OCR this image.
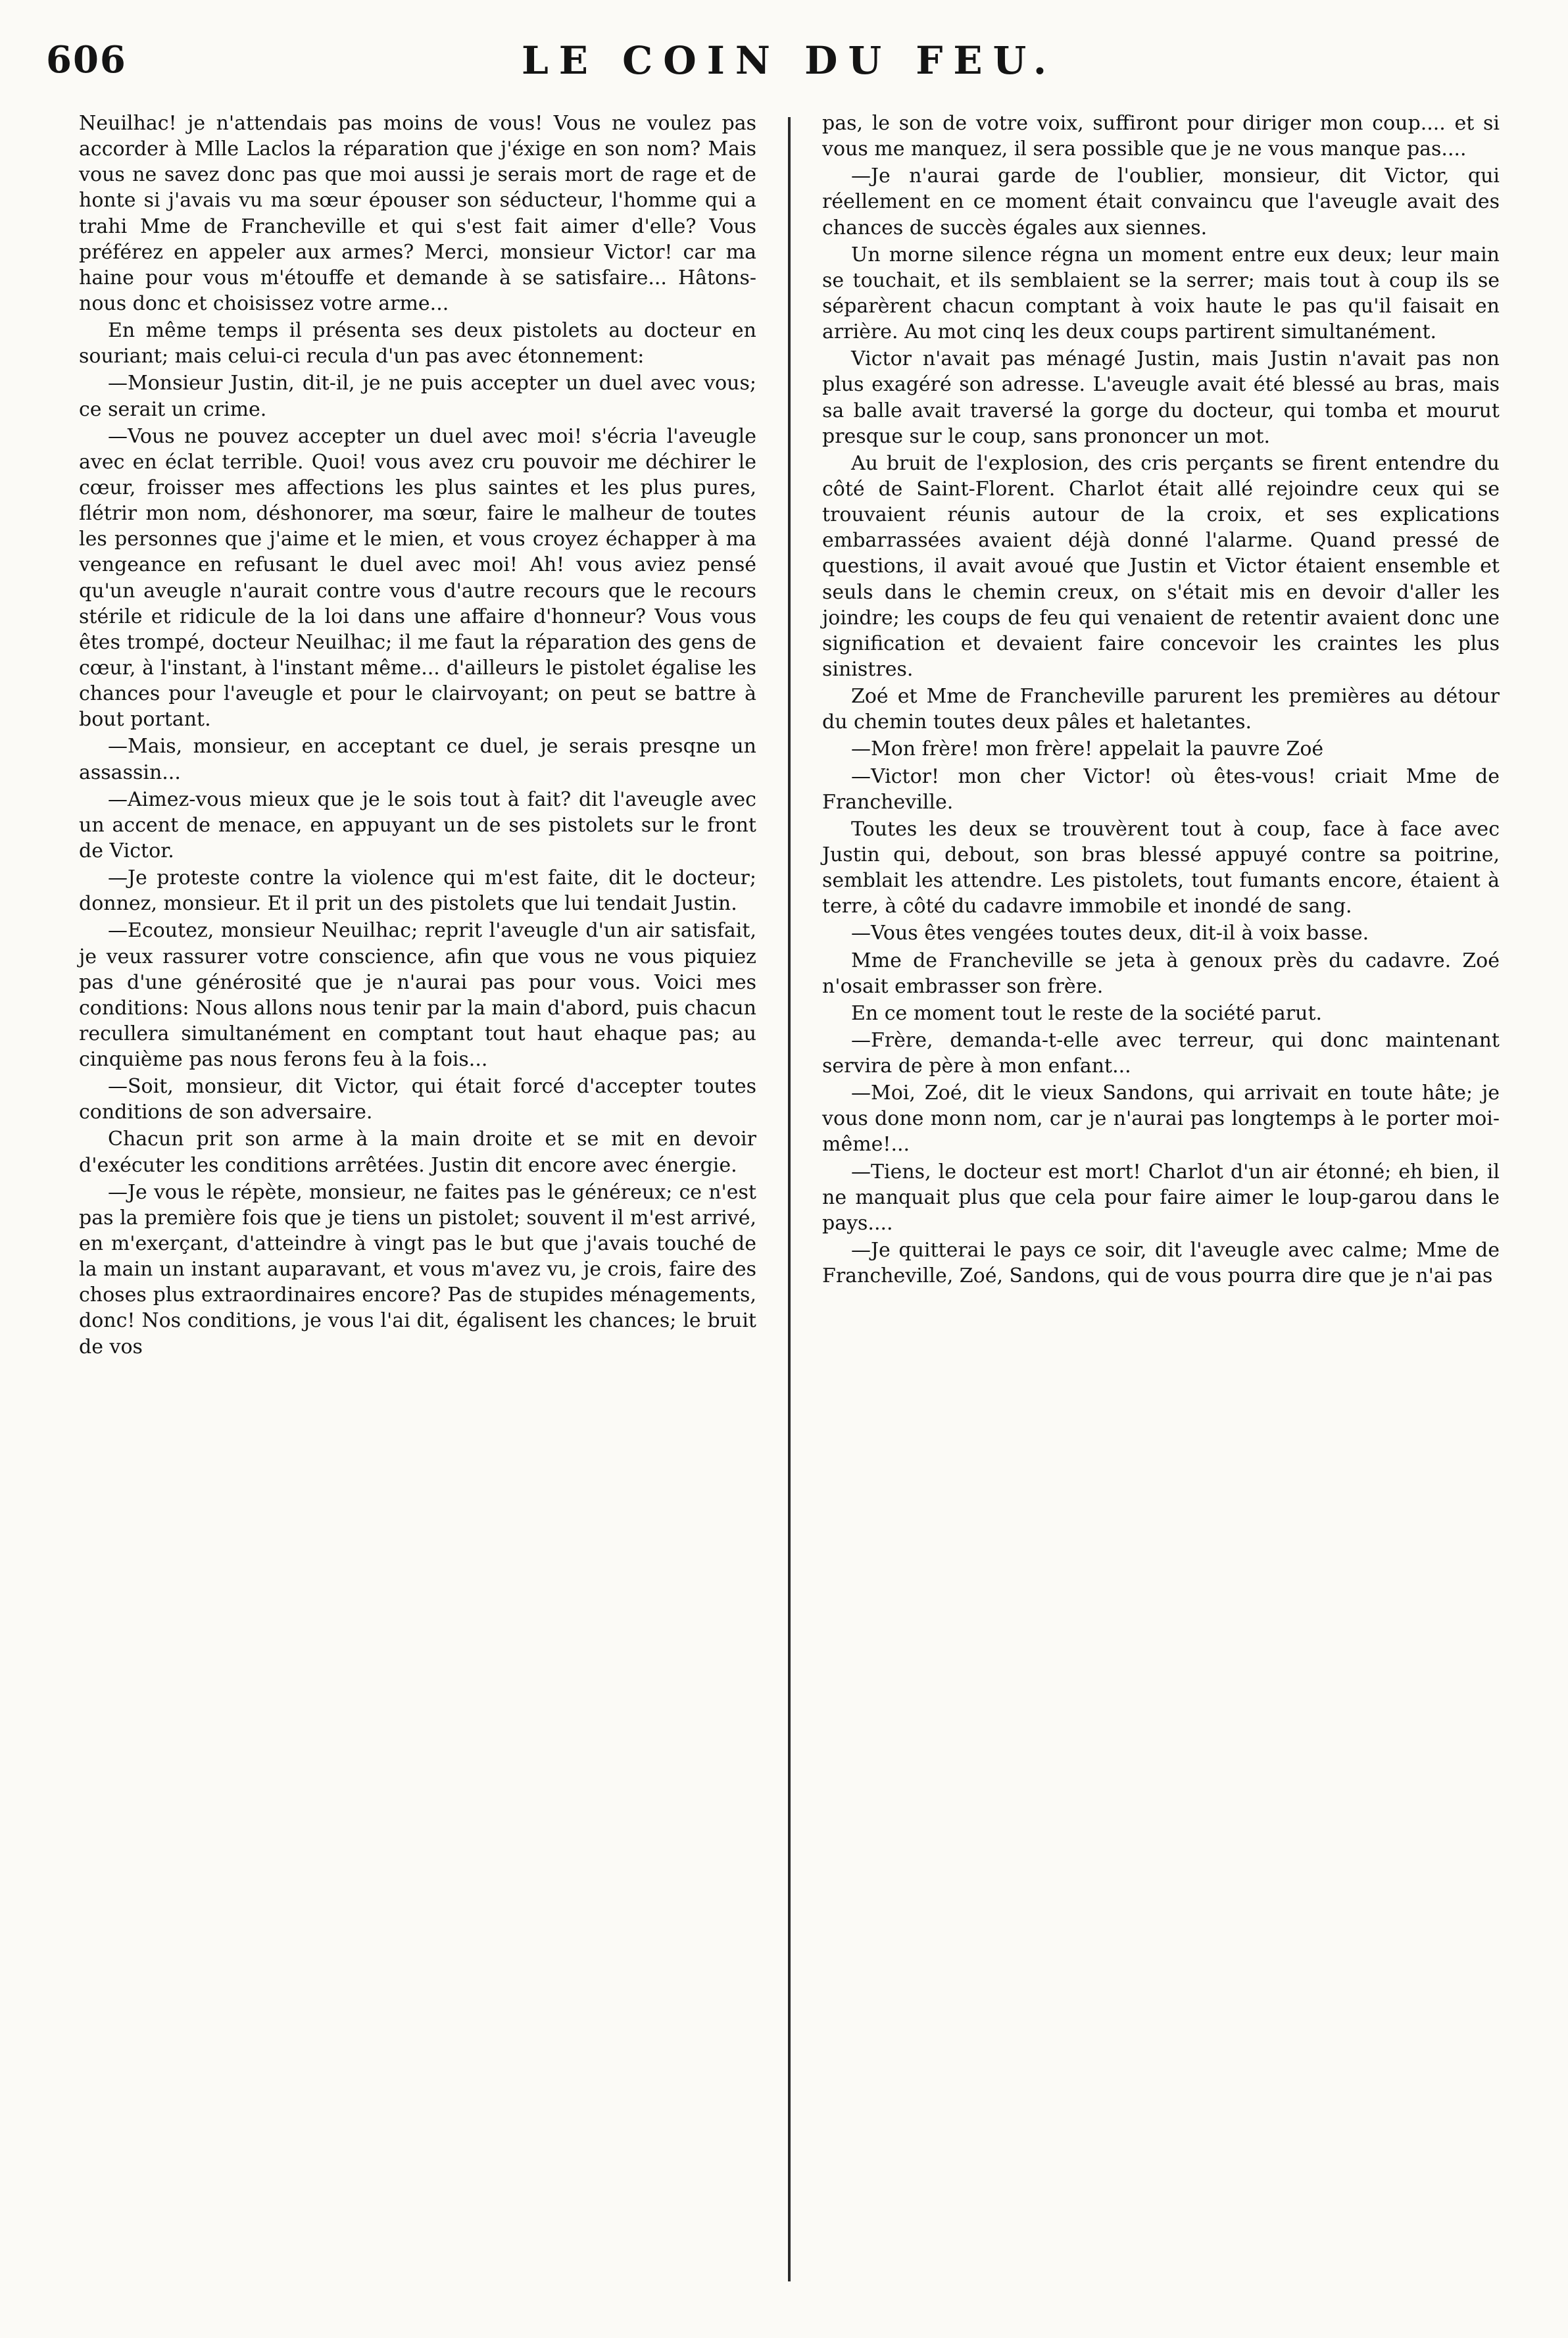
606	LE COIN DU FEU.

Neuilhac! je n'attendais pas moins de vous! Vous ne voulez pas accorder à Mlle Laclos la réparation que j'éxige en son nom? Mais vous ne savez donc pas que moi aussi je serais mort de rage et de honte si j'avais vu ma sœur épouser son séducteur, l'homme qui a trahi Mme de Francheville et qui s'est fait aimer d'elle? Vous préférez en appeler aux armes? Merci, monsieur Victor! car ma haine pour vous m'étouffe et demande à se satisfaire... Hâtons-nous donc et choisissez votre arme...

En même temps il présenta ses deux pistolets au docteur en souriant; mais celui-ci recula d'un pas avec étonnement:

—Monsieur Justin, dit-il, je ne puis accepter un duel avec vous; ce serait un crime.

—Vous ne pouvez accepter un duel avec moi! s'écria l'aveugle avec en éclat terrible. Quoi! vous avez cru pouvoir me déchirer le cœur, froisser mes affections les plus saintes et les plus pures, flétrir mon nom, déshonorer, ma sœur, faire le malheur de toutes les personnes que j'aime et le mien, et vous croyez échapper à ma vengeance en refusant le duel avec moi! Ah! vous aviez pensé qu'un aveugle n'aurait contre vous d'autre recours que le recours stérile et ridicule de la loi dans une affaire d'honneur? Vous vous êtes trompé, docteur Neuilhac; il me faut la réparation des gens de cœur, à l'instant, à l'instant même... d'ailleurs le pistolet égalise les chances pour l'aveugle et pour le clairvoyant; on peut se battre à bout portant.

—Mais, monsieur, en acceptant ce duel, je serais presqne un assassin...

—Aimez-vous mieux que je le sois tout à fait? dit l'aveugle avec un accent de menace, en appuyant un de ses pistolets sur le front de Victor.

—Je proteste contre la violence qui m'est faite, dit le docteur; donnez, monsieur. Et il prit un des pistolets que lui tendait Justin.

—Ecoutez, monsieur Neuilhac; reprit l'aveugle d'un air satisfait, je veux rassurer votre conscience, afin que vous ne vous piquiez pas d'une générosité que je n'aurai pas pour vous. Voici mes conditions: Nous allons nous tenir par la main d'abord, puis chacun recullera simultanément en comptant tout haut ehaque pas; au cinquième pas nous ferons feu à la fois...

—Soit, monsieur, dit Victor, qui était forcé d'accepter toutes conditions de son adversaire.

Chacun prit son arme à la main droite et se mit en devoir d'exécuter les conditions arrêtées. Justin dit encore avec énergie.

—Je vous le répète, monsieur, ne faites pas le généreux; ce n'est pas la première fois que je tiens un pistolet; souvent il m'est arrivé, en m'exerçant, d'atteindre à vingt pas le but que j'avais touché de la main un instant auparavant, et vous m'avez vu, je crois, faire des choses plus extraordinaires encore? Pas de stupides ménagements, donc! Nos conditions, je vous l'ai dit, égalisent les chances; le bruit de vos

pas, le son de votre voix, suffiront pour diriger mon coup.... et si vous me manquez, il sera possible que je ne vous manque pas....

—Je n'aurai garde de l'oublier, monsieur, dit Victor, qui réellement en ce moment était convaincu que l'aveugle avait des chances de succès égales aux siennes.

Un morne silence régna un moment entre eux deux; leur main se touchait, et ils semblaient se la serrer; mais tout à coup ils se séparèrent chacun comptant à voix haute le pas qu'il faisait en arrière. Au mot cinq les deux coups partirent simultanément.

Victor n'avait pas ménagé Justin, mais Justin n'avait pas non plus exagéré son adresse. L'aveugle avait été blessé au bras, mais sa balle avait traversé la gorge du docteur, qui tomba et mourut presque sur le coup, sans prononcer un mot.

Au bruit de l'explosion, des cris perçants se firent entendre du côté de Saint-Florent. Charlot était allé rejoindre ceux qui se trouvaient réunis autour de la croix, et ses explications embarrassées avaient déjà donné l'alarme. Quand pressé de questions, il avait avoué que Justin et Victor étaient ensemble et seuls dans le chemin creux, on s'était mis en devoir d'aller les joindre; les coups de feu qui venaient de retentir avaient donc une signification et devaient faire concevoir les craintes les plus sinistres.

Zoé et Mme de Francheville parurent les premières au détour du chemin toutes deux pâles et haletantes.

—Mon frère! mon frère! appelait la pauvre Zoé

—Victor! mon cher Victor! où êtes-vous! criait Mme de Francheville.

Toutes les deux se trouvèrent tout à coup, face à face avec Justin qui, debout, son bras blessé appuyé contre sa poitrine, semblait les attendre. Les pistolets, tout fumants encore, étaient à terre, à côté du cadavre immobile et inondé de sang.

—Vous êtes vengées toutes deux, dit-il à voix basse.

Mme de Francheville se jeta à genoux près du cadavre. Zoé n'osait embrasser son frère.

En ce moment tout le reste de la société parut.

—Frère, demanda-t-elle avec terreur, qui donc maintenant servira de père à mon enfant...

—Moi, Zoé, dit le vieux Sandons, qui arrivait en toute hâte; je vous done monn nom, car je n'aurai pas longtemps à le porter moi-même!...

—Tiens, le docteur est mort! Charlot d'un air étonné; eh bien, il ne manquait plus que cela pour faire aimer le loup-garou dans le pays....

—Je quitterai le pays ce soir, dit l'aveugle avec calme; Mme de Francheville, Zoé, Sandons, qui de vous pourra dire que je n'ai pas
